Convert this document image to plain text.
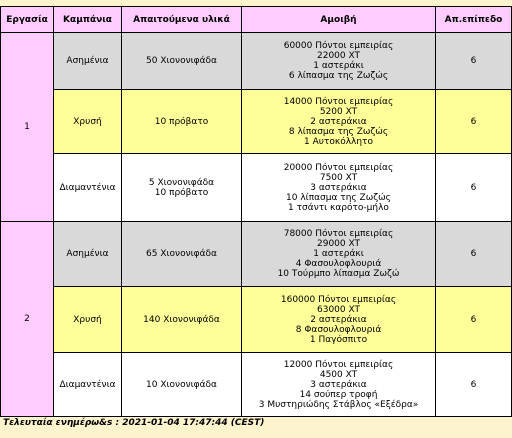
Εργασία	Καμπάνια	Απαιτούμενα υλικά	Αμοιβή	Απ.επίπεδο
1	Ασημένια	50 Χιονονιφάδα	60000 Πόντοι εμπειρίας
22000 XT
1 αστεράκι
6 λίπασμα της Ζωζώς	6
	Χρυσή	10 πρόβατο	14000 Πόντοι εμπειρίας
5200 XT
2 αστεράκια
8 λίπασμα της Ζωζώς
1 Αυτοκόλλητο	6
	Διαμαντένια	5 Χιονονιφάδα
10 πρόβατο	20000 Πόντοι εμπειρίας
7500 XT
3 αστεράκια
10 λίπασμα της Ζωζώς
1 τσάντι καρότο-μήλο	6
2	Ασημένια	65 Χιονονιφάδα	78000 Πόντοι εμπειρίας
29000 XT
1 αστεράκι
4 Φασουλοφλουριά
10 Τούρμπο λίπασμα Ζωζώ	6
	Χρυσή	140 Χιονονιφάδα	160000 Πόντοι εμπειρίας
63000 XT
2 αστεράκια
8 Φασουλοφλουριά
1 Παγόσπιτο	6
	Διαμαντένια	10 Χιονονιφάδα	12000 Πόντοι εμπειρίας
4500 XT
3 αστεράκια
14 σούπερ τροφή
3 Μυστηριώδης Στάβλος «Εξέδρα»	6
Τελευταία ενημέρω&s : 2021-01-04 17:47:44 (CEST)
